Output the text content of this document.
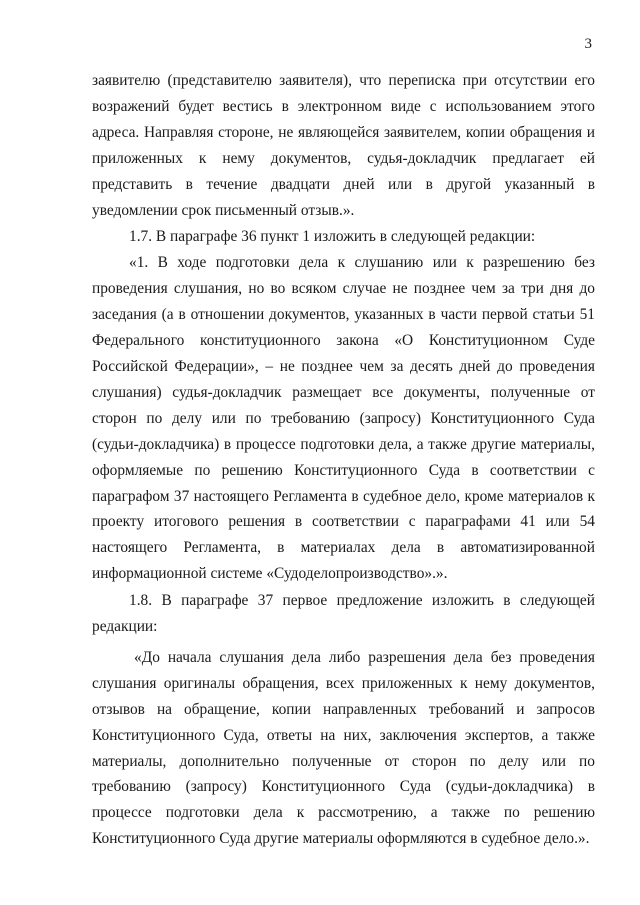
3

заявителю (представителю заявителя), что переписка при отсутствии его возражений будет вестись в электронном виде с использованием этого адреса. Направляя стороне, не являющейся заявителем, копии обращения и приложенных к нему документов, судья-докладчик предлагает ей представить в течение двадцати дней или в другой указанный в уведомлении срок письменный отзыв.».

1.7. В параграфе 36 пункт 1 изложить в следующей редакции:

«1. В ходе подготовки дела к слушанию или к разрешению без проведения слушания, но во всяком случае не позднее чем за три дня до заседания (а в отношении документов, указанных в части первой статьи 51 Федерального конституционного закона «О Конституционном Суде Российской Федерации», – не позднее чем за десять дней до проведения слушания) судья-докладчик размещает все документы, полученные от сторон по делу или по требованию (запросу) Конституционного Суда (судьи-докладчика) в процессе подготовки дела, а также другие материалы, оформляемые по решению Конституционного Суда в соответствии с параграфом 37 настоящего Регламента в судебное дело, кроме материалов к проекту итогового решения в соответствии с параграфами 41 или 54 настоящего Регламента, в материалах дела в автоматизированной информационной системе «Судоделопроизводство».».

1.8. В параграфе 37 первое предложение изложить в следующей редакции:

«До начала слушания дела либо разрешения дела без проведения слушания оригиналы обращения, всех приложенных к нему документов, отзывов на обращение, копии направленных требований и запросов Конституционного Суда, ответы на них, заключения экспертов, а также материалы, дополнительно полученные от сторон по делу или по требованию (запросу) Конституционного Суда (судьи-докладчика) в процессе подготовки дела к рассмотрению, а также по решению Конституционного Суда другие материалы оформляются в судебное дело.».
